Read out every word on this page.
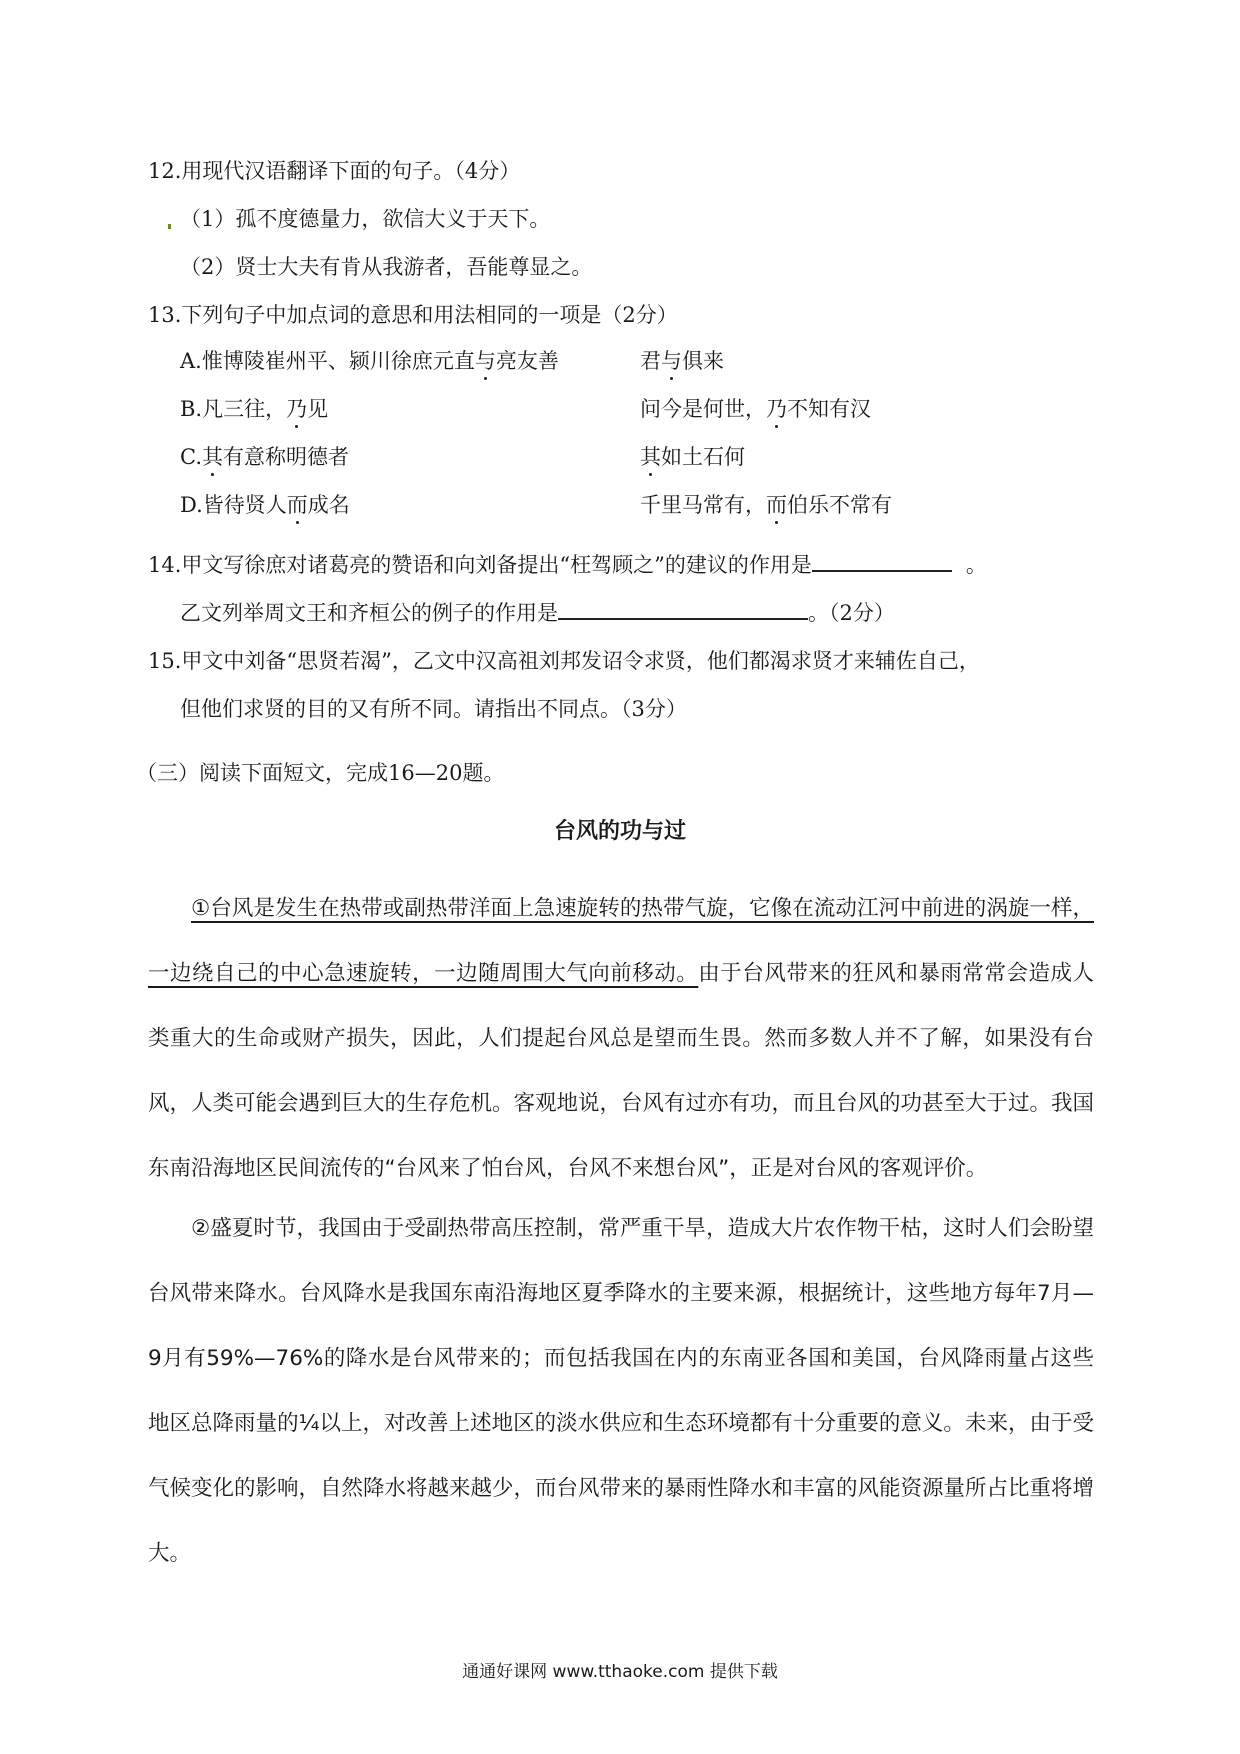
12.用现代汉语翻译下面的句子。（4分）
（1）孤不度德量力，欲信大义于天下。
（2）贤士大夫有肯从我游者，吾能尊显之。
13.下列句子中加点词的意思和用法相同的一项是（2分）
A.惟博陵崔州平、颍川徐庶元直与亮友善	君与俱来
B.凡三往，乃见	问今是何世，乃不知有汉
C.其有意称明德者	其如土石何
D.皆待贤人而成名	千里马常有，而伯乐不常有
14.甲文写徐庶对诸葛亮的赞语和向刘备提出“枉驾顾之”的建议的作用是	。
乙文列举周文王和齐桓公的例子的作用是	。（2分）
15.甲文中刘备“思贤若渴”，乙文中汉高祖刘邦发诏令求贤，他们都渴求贤才来辅佐自己，
但他们求贤的目的又有所不同。请指出不同点。（3分）
（三）阅读下面短文，完成16—20题。
台风的功与过
①台风是发生在热带或副热带洋面上急速旋转的热带气旋，它像在流动江河中前进的涡旋一样，一边绕自己的中心急速旋转，一边随周围大气向前移动。由于台风带来的狂风和暴雨常常会造成人类重大的生命或财产损失，因此，人们提起台风总是望而生畏。然而多数人并不了解，如果没有台风，人类可能会遇到巨大的生存危机。客观地说，台风有过亦有功，而且台风的功甚至大于过。我国东南沿海地区民间流传的“台风来了怕台风，台风不来想台风”，正是对台风的客观评价。
②盛夏时节，我国由于受副热带高压控制，常严重干旱，造成大片农作物干枯，这时人们会盼望台风带来降水。台风降水是我国东南沿海地区夏季降水的主要来源，根据统计，这些地方每年7月—9月有59%—76%的降水是台风带来的；而包括我国在内的东南亚各国和美国，台风降雨量占这些地区总降雨量的¼以上，对改善上述地区的淡水供应和生态环境都有十分重要的意义。未来，由于受气候变化的影响，自然降水将越来越少，而台风带来的暴雨性降水和丰富的风能资源量所占比重将增大。
通通好课网 www.tthaoke.com 提供下载
